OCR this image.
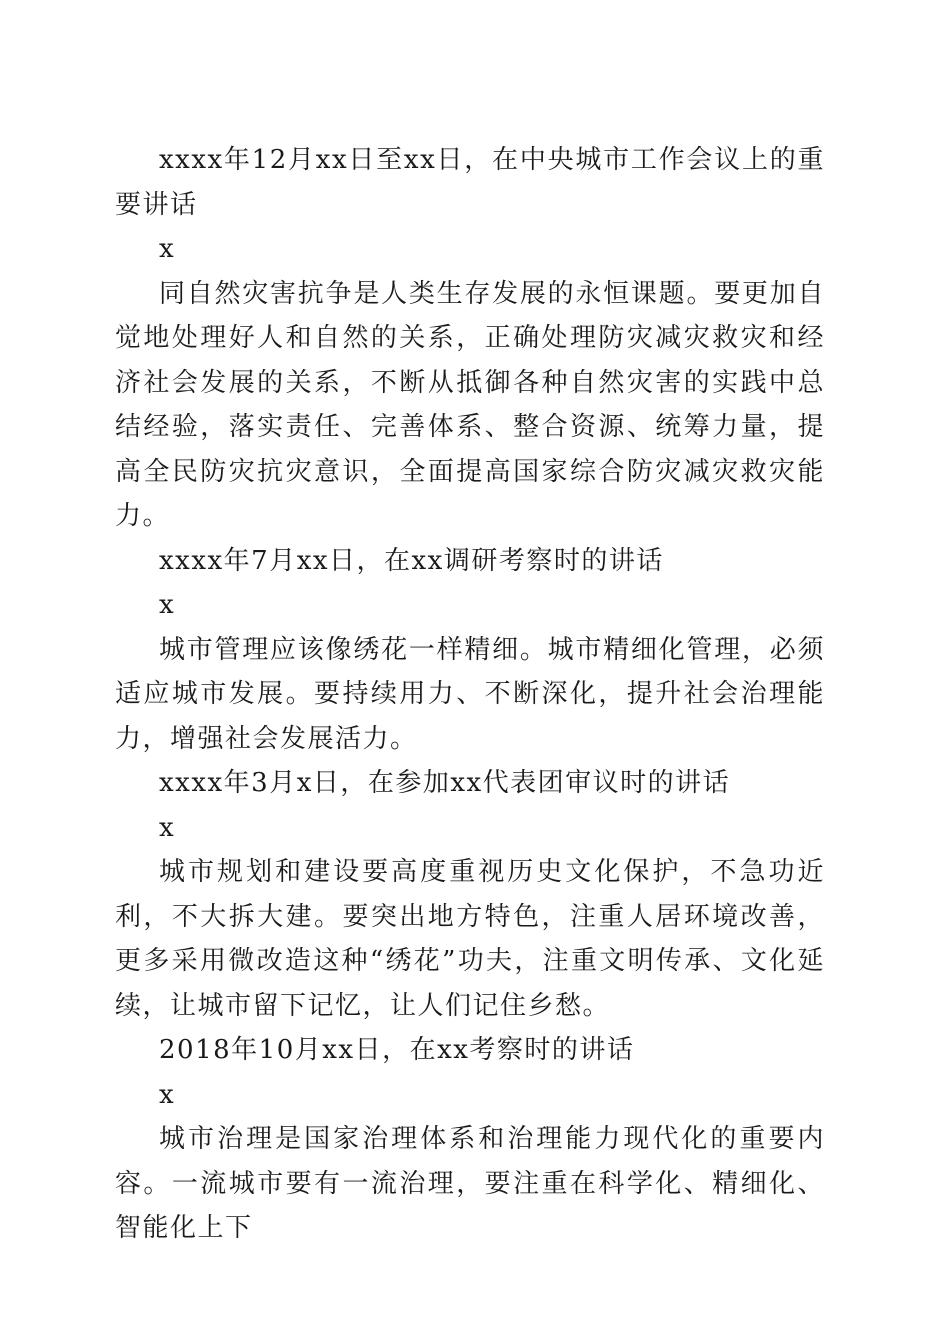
xxxx年12月xx日至xx日，在中央城市工作会议上的重要讲话

x

同自然灾害抗争是人类生存发展的永恒课题。要更加自觉地处理好人和自然的关系，正确处理防灾减灾救灾和经济社会发展的关系，不断从抵御各种自然灾害的实践中总结经验，落实责任、完善体系、整合资源、统筹力量，提高全民防灾抗灾意识，全面提高国家综合防灾减灾救灾能力。

xxxx年7月xx日，在xx调研考察时的讲话

x

城市管理应该像绣花一样精细。城市精细化管理，必须适应城市发展。要持续用力、不断深化，提升社会治理能力，增强社会发展活力。

xxxx年3月x日，在参加xx代表团审议时的讲话

x

城市规划和建设要高度重视历史文化保护，不急功近利，不大拆大建。要突出地方特色，注重人居环境改善，更多采用微改造这种“绣花”功夫，注重文明传承、文化延续，让城市留下记忆，让人们记住乡愁。

2018年10月xx日，在xx考察时的讲话

x

城市治理是国家治理体系和治理能力现代化的重要内容。一流城市要有一流治理，要注重在科学化、精细化、智能化上下
